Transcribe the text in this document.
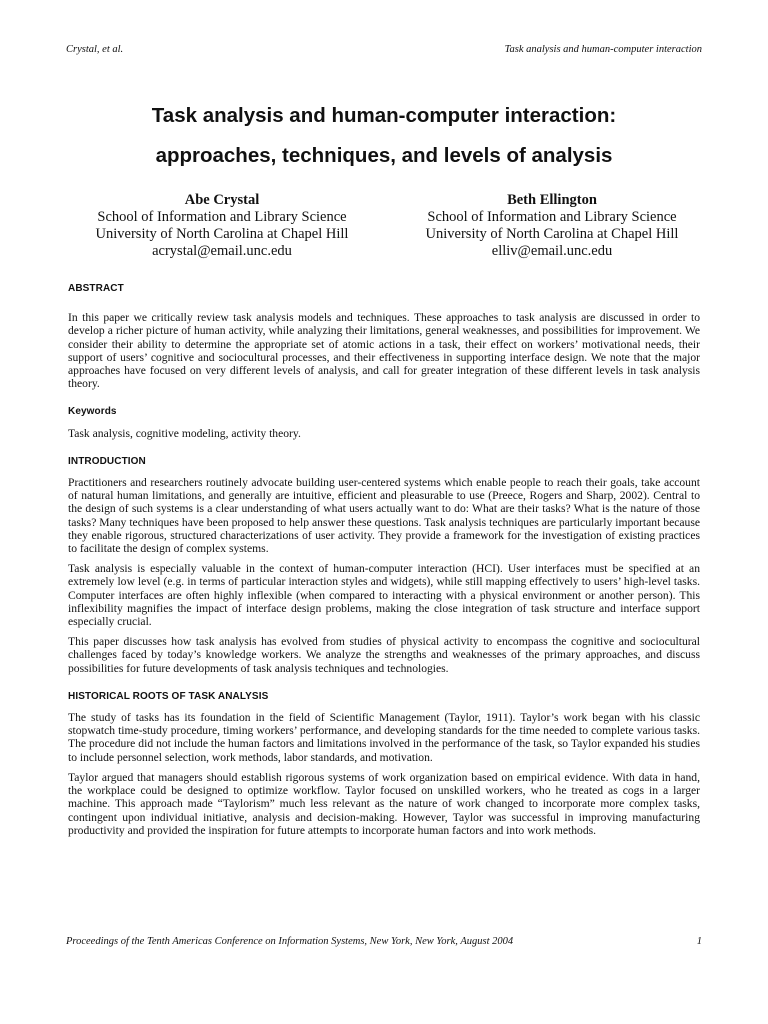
Crystal, et al.	Task analysis and human-computer interaction
Task analysis and human-computer interaction:
approaches, techniques, and levels of analysis
Abe Crystal
School of Information and Library Science
University of North Carolina at Chapel Hill
acrystal@email.unc.edu
Beth Ellington
School of Information and Library Science
University of North Carolina at Chapel Hill
elliv@email.unc.edu
ABSTRACT

In this paper we critically review task analysis models and techniques. These approaches to task analysis are discussed in order to develop a richer picture of human activity, while analyzing their limitations, general weaknesses, and possibilities for improvement. We consider their ability to determine the appropriate set of atomic actions in a task, their effect on workers’ motivational needs, their support of users’ cognitive and sociocultural processes, and their effectiveness in supporting interface design. We note that the major approaches have focused on very different levels of analysis, and call for greater integration of these different levels in task analysis theory.

Keywords

Task analysis, cognitive modeling, activity theory.

INTRODUCTION

Practitioners and researchers routinely advocate building user-centered systems which enable people to reach their goals, take account of natural human limitations, and generally are intuitive, efficient and pleasurable to use (Preece, Rogers and Sharp, 2002). Central to the design of such systems is a clear understanding of what users actually want to do: What are their tasks? What is the nature of those tasks? Many techniques have been proposed to help answer these questions. Task analysis techniques are particularly important because they enable rigorous, structured characterizations of user activity. They provide a framework for the investigation of existing practices to facilitate the design of complex systems.

Task analysis is especially valuable in the context of human-computer interaction (HCI). User interfaces must be specified at an extremely low level (e.g. in terms of particular interaction styles and widgets), while still mapping effectively to users’ high-level tasks. Computer interfaces are often highly inflexible (when compared to interacting with a physical environment or another person). This inflexibility magnifies the impact of interface design problems, making the close integration of task structure and interface support especially crucial.

This paper discusses how task analysis has evolved from studies of physical activity to encompass the cognitive and sociocultural challenges faced by today’s knowledge workers. We analyze the strengths and weaknesses of the primary approaches, and discuss possibilities for future developments of task analysis techniques and technologies.

HISTORICAL ROOTS OF TASK ANALYSIS

The study of tasks has its foundation in the field of Scientific Management (Taylor, 1911). Taylor’s work began with his classic stopwatch time-study procedure, timing workers’ performance, and developing standards for the time needed to complete various tasks. The procedure did not include the human factors and limitations involved in the performance of the task, so Taylor expanded his studies to include personnel selection, work methods, labor standards, and motivation.

Taylor argued that managers should establish rigorous systems of work organization based on empirical evidence. With data in hand, the workplace could be designed to optimize workflow. Taylor focused on unskilled workers, who he treated as cogs in a larger machine. This approach made “Taylorism” much less relevant as the nature of work changed to incorporate more complex tasks, contingent upon individual initiative, analysis and decision-making. However, Taylor was successful in improving manufacturing productivity and provided the inspiration for future attempts to incorporate human factors and into work methods.

Proceedings of the Tenth Americas Conference on Information Systems, New York, New York, August 2004	1
